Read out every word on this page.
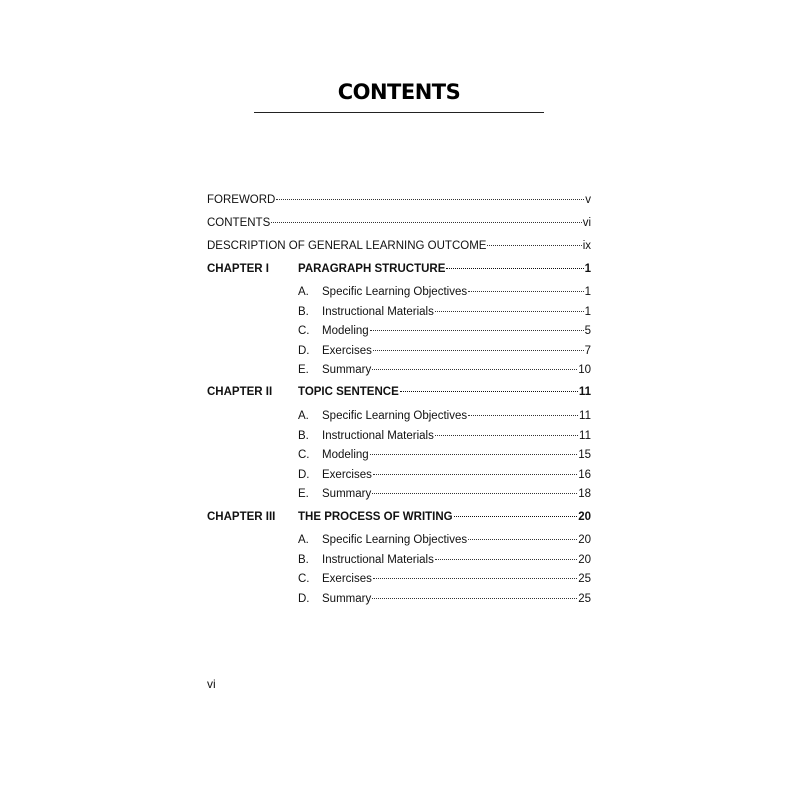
CONTENTS
FOREWORD	v
CONTENTS	vi
DESCRIPTION OF GENERAL LEARNING OUTCOME	ix
CHAPTER I	PARAGRAPH STRUCTURE	1
A.	Specific Learning Objectives	1
B.	Instructional Materials	1
C.	Modeling	5
D.	Exercises	7
E.	Summary	10
CHAPTER II	TOPIC SENTENCE	11
A.	Specific Learning Objectives	11
B.	Instructional Materials	11
C.	Modeling	15
D.	Exercises	16
E.	Summary	18
CHAPTER III	THE PROCESS OF WRITING	20
A.	Specific Learning Objectives	20
B.	Instructional Materials	20
C.	Exercises	25
D.	Summary	25
vi
